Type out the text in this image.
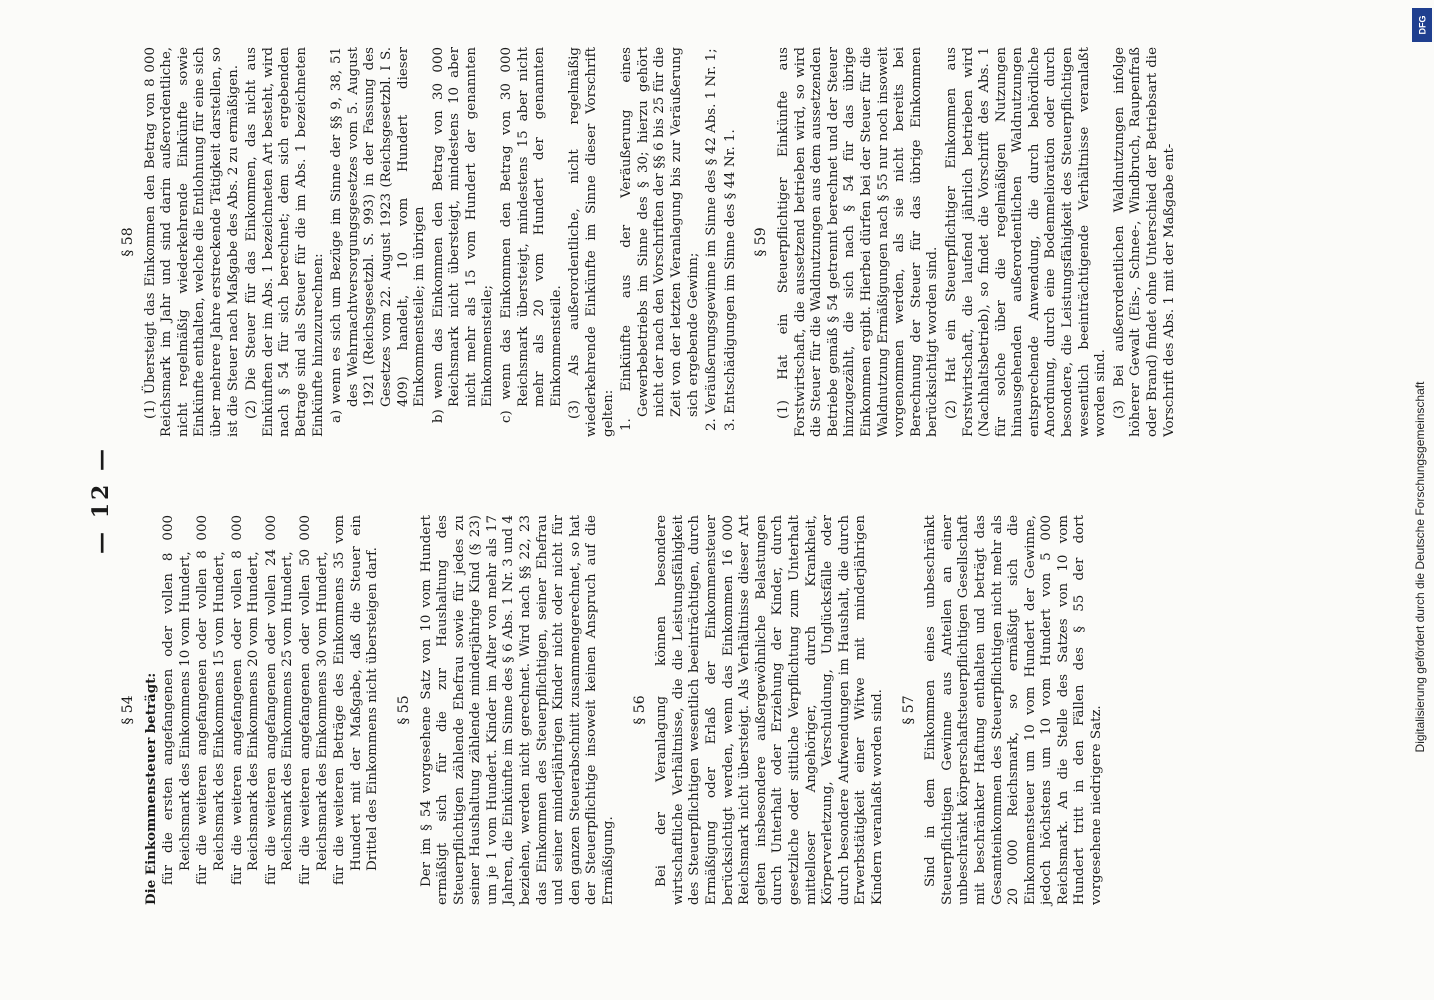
— 12 —
§ 54 Die Einkommensteuer beträgt: für die ersten angefangenen oder vollen 8 000 Reichsmark des Einkommens 10 vom Hundert, für die weiteren angefangenen oder vollen 8 000 Reichsmark des Einkommens 15 vom Hundert, für die weiteren angefangenen oder vollen 8 000 Reichsmark des Einkommens 20 vom Hundert, für die weiteren angefangenen oder vollen 24 000 Reichsmark des Einkommens 25 vom Hundert, für die weiteren angefangenen oder vollen 50 000 Reichsmark des Einkommens 30 vom Hundert, für die weiteren Beträge des Einkommens 35 vom Hundert mit der Maßgabe, daß die Steuer ein Drittel des Einkommens nicht übersteigen darf. § 55 Der im § 54 vorgesehene Satz von 10 vom Hundert ermäßigt sich für die zur Haushaltung des Steuerpflichtigen zählende Ehefrau sowie für jedes zu seiner Haushaltung zählende minderjährige Kind (§ 23) um je 1 vom Hundert. Kinder im Alter von mehr als 17 Jahren, die Einkünfte im Sinne des § 6 Abs. 1 Nr. 3 und 4 beziehen, werden nicht gerechnet. Wird nach §§ 22, 23 das Einkommen des Steuerpflichtigen, seiner Ehefrau und seiner minderjährigen Kinder nicht oder nicht für den ganzen Steuerabschnitt zusammengerechnet, so hat der Steuerpflichtige insoweit keinen Anspruch auf die Ermäßigung.
§ 56 Bei der Veranlagung können besondere wirtschaftliche Verhältnisse, die die Leistungsfähigkeit des Steuerpflichtigen wesentlich beeinträchtigen, durch Ermäßigung oder Erlaß der Einkommensteuer berücksichtigt werden, wenn das Einkommen 16 000 Reichsmark nicht übersteigt. Als Verhältnisse dieser Art gelten insbesondere außergewöhnliche Belastungen durch Unterhalt oder Erziehung der Kinder, durch gesetzliche oder sittliche Verpflichtung zum Unterhalt mittelloser Angehöriger, durch Krankheit, Körperverletzung, Verschuldung, Unglücksfälle oder durch besondere Aufwendungen im Haushalt, die durch Erwerbstätigkeit einer Witwe mit minderjährigen Kindern veranlaßt worden sind. § 57 Sind in dem Einkommen eines unbeschränkt Steuerpflichtigen Gewinne aus Anteilen an einer unbeschränkt körperschaftsteuerpflichtigen Gesellschaft mit beschränkter Haftung enthalten und beträgt das Gesamteinkommen des Steuerpflichtigen nicht mehr als 20 000 Reichsmark, so ermäßigt sich die Einkommensteuer um 10 vom Hundert der Gewinne, jedoch höchstens um 10 vom Hundert von 5 000 Reichsmark. An die Stelle des Satzes von 10 vom Hundert tritt in den Fällen des § 55 der dort vorgesehene niedrigere Satz.
§ 58 (1) Übersteigt das Einkommen den Betrag von 8 000 Reichsmark im Jahr und sind darin außerordentliche, nicht regelmäßig wiederkehrende Einkünfte sowie Einkünfte enthalten, welche die Entlohnung für eine sich über mehrere Jahre erstreckende Tätigkeit darstellen, so ist die Steuer nach Maßgabe des Abs. 2 zu ermäßigen. (2) Die Steuer für das Einkommen, das nicht aus Einkünften der im Abs. 1 bezeichneten Art besteht, wird nach § 54 für sich berechnet; dem sich ergebenden Betrage sind als Steuer für die im Abs. 1 bezeichneten Einkünfte hinzuzurechnen: a) wenn es sich um Bezüge im Sinne der §§ 9, 38, 51 des Wehrmachtversorgungsgesetzes vom 5. August 1921 (Reichsgesetzbl. S. 993) in der Fassung des Gesetzes vom 22. August 1923 (Reichsgesetzbl. I S. 409) handelt, 10 vom Hundert dieser Einkommensteile; im übrigen b) wenn das Einkommen den Betrag von 30 000 Reichsmark nicht übersteigt, mindestens 10 aber nicht mehr als 15 vom Hundert der genannten Einkommensteile; c) wenn das Einkommen den Betrag von 30 000 Reichsmark übersteigt, mindestens 15 aber nicht mehr als 20 vom Hundert der genannten Einkommensteile. (3) Als außerordentliche, nicht regelmäßig wiederkehrende Einkünfte im Sinne dieser Vorschrift gelten: 1. Einkünfte aus der Veräußerung eines Gewerbebetriebs im Sinne des § 30; hierzu gehört nicht der nach den Vorschriften der §§ 6 bis 25 für die Zeit von der letzten Veranlagung bis zur Veräußerung sich ergebende Gewinn; 2. Veräußerungsgewinne im Sinne des § 42 Abs. 1 Nr. 1; 3. Entschädigungen im Sinne des § 44 Nr. 1. § 59 (1) Hat ein Steuerpflichtiger Einkünfte aus Forstwirtschaft, die aussetzend betrieben wird, so wird die Steuer für die Waldnutzungen aus dem aussetzenden Betriebe gemäß § 54 getrennt berechnet und der Steuer hinzugezählt, die sich nach § 54 für das übrige Einkommen ergibt. Hierbei dürfen bei der Steuer für die Waldnutzung Ermäßigungen nach § 55 nur noch insoweit vorgenommen werden, als sie nicht bereits bei Berechnung der Steuer für das übrige Einkommen berücksichtigt worden sind. (2) Hat ein Steuerpflichtiger Einkommen aus Forstwirtschaft, die laufend jährlich betrieben wird (Nachhaltsbetrieb), so findet die Vorschrift des Abs. 1 für solche über die regelmäßigen Nutzungen hinausgehenden außerordentlichen Waldnutzungen entsprechende Anwendung, die durch behördliche Anordnung, durch eine Bodenmelioration oder durch besondere, die Leistungsfähigkeit des Steuerpflichtigen wesentlich beeinträchtigende Verhältnisse veranlaßt worden sind. (3) Bei außerordentlichen Waldnutzungen infolge höherer Gewalt (Eis-, Schnee-, Windbruch, Raupenfraß oder Brand) findet ohne Unterschied der Betriebsart die Vorschrift des Abs. 1 mit der Maßgabe ent-
DFG
Digitalisierung gefördert durch die Deutsche Forschungsgemeinschaft
